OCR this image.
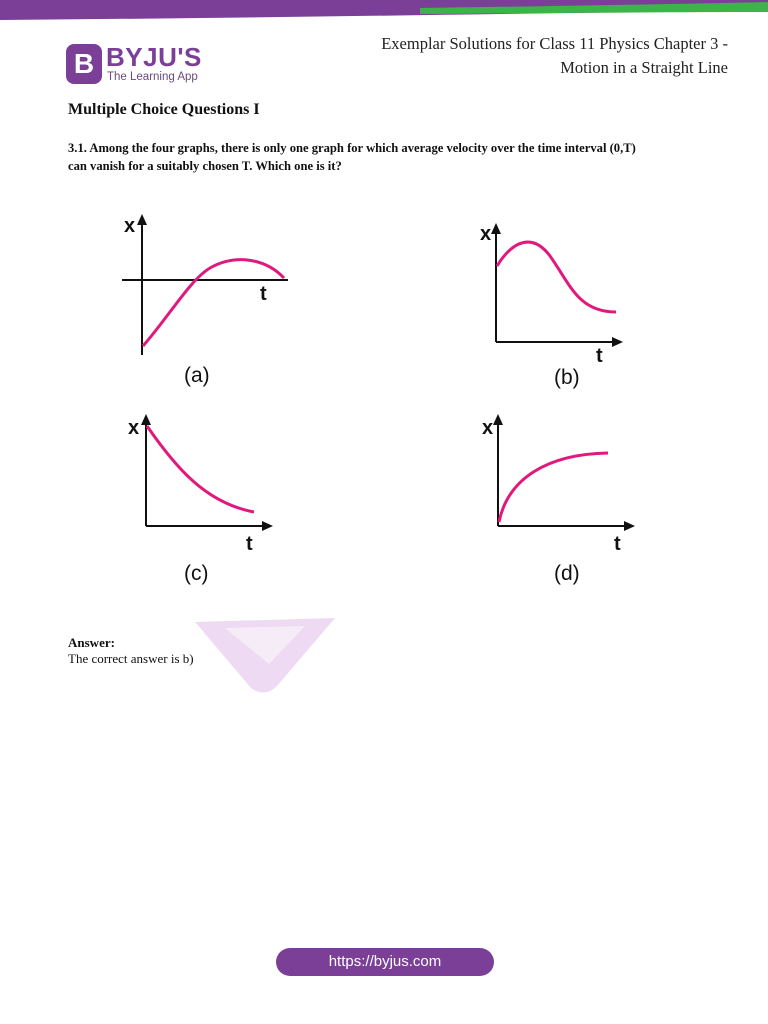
B BYJU'S
The Learning App
Exemplar Solutions for Class 11 Physics Chapter 3 -
Motion in a Straight Line
Multiple Choice Questions I
3.1. Among the four graphs, there is only one graph for which average velocity over the time interval (0,T)
can vanish for a suitably chosen T. Which one is it?
x
t
(a)
x
t
(b)
x
t
(c)
x
t
(d)
Answer:
The correct answer is b)
https://byjus.com
